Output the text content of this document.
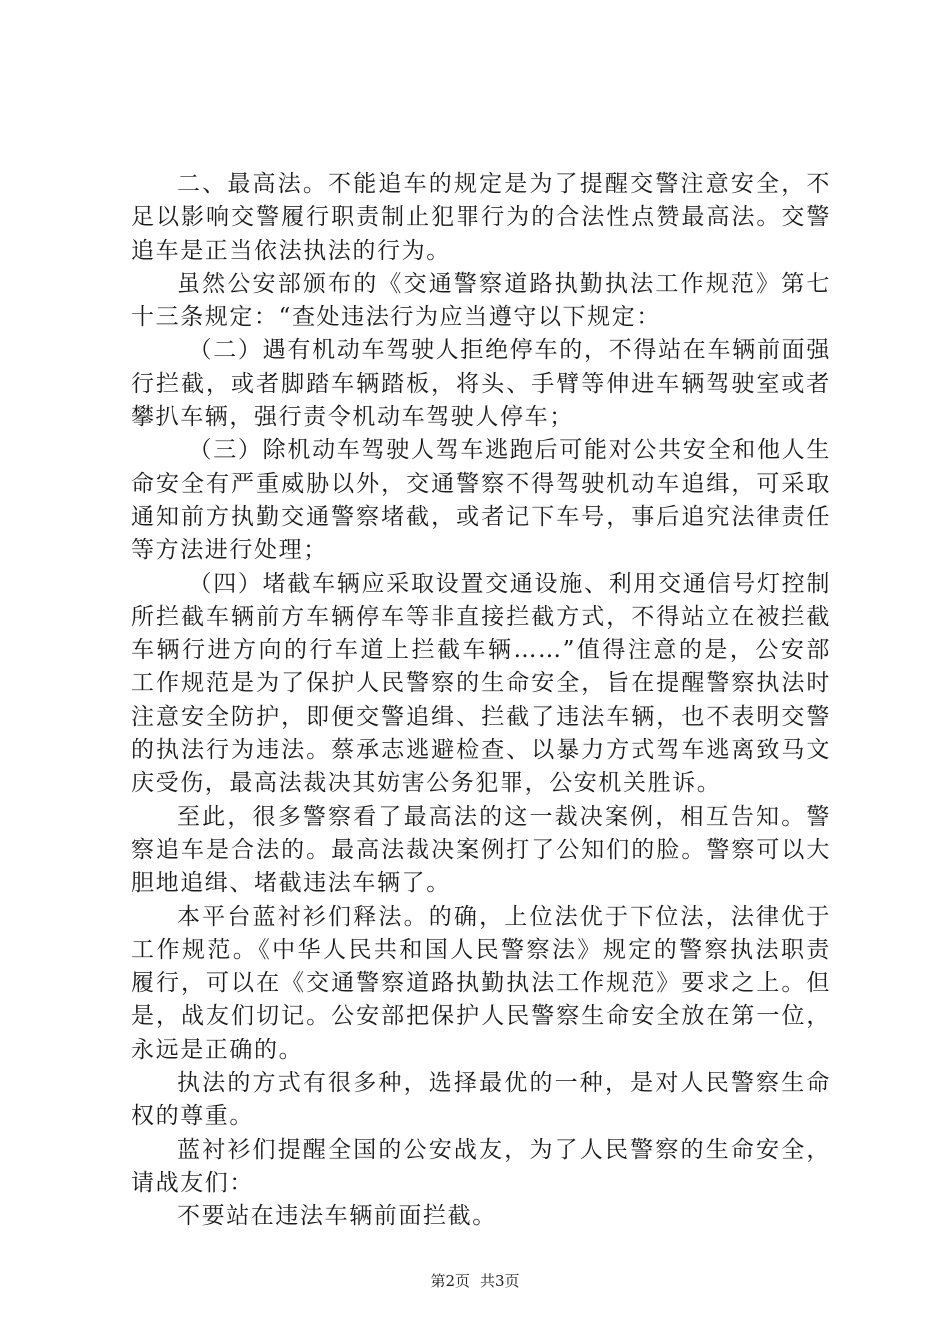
二、最高法。不能追车的规定是为了提醒交警注意安全，不足以影响交警履行职责制止犯罪行为的合法性点赞最高法。交警追车是正当依法执法的行为。

虽然公安部颁布的《交通警察道路执勤执法工作规范》第七十三条规定：“查处违法行为应当遵守以下规定：

（二）遇有机动车驾驶人拒绝停车的，不得站在车辆前面强行拦截，或者脚踏车辆踏板，将头、手臂等伸进车辆驾驶室或者攀扒车辆，强行责令机动车驾驶人停车；

（三）除机动车驾驶人驾车逃跑后可能对公共安全和他人生命安全有严重威胁以外，交通警察不得驾驶机动车追缉，可采取通知前方执勤交通警察堵截，或者记下车号，事后追究法律责任等方法进行处理；

（四）堵截车辆应采取设置交通设施、利用交通信号灯控制所拦截车辆前方车辆停车等非直接拦截方式，不得站立在被拦截车辆行进方向的行车道上拦截车辆……”值得注意的是，公安部工作规范是为了保护人民警察的生命安全，旨在提醒警察执法时注意安全防护，即便交警追缉、拦截了违法车辆，也不表明交警的执法行为违法。蔡承志逃避检查、以暴力方式驾车逃离致马文庆受伤，最高法裁决其妨害公务犯罪，公安机关胜诉。

至此，很多警察看了最高法的这一裁决案例，相互告知。警察追车是合法的。最高法裁决案例打了公知们的脸。警察可以大胆地追缉、堵截违法车辆了。

本平台蓝衬衫们释法。的确，上位法优于下位法，法律优于工作规范。《中华人民共和国人民警察法》规定的警察执法职责履行，可以在《交通警察道路执勤执法工作规范》要求之上。但是，战友们切记。公安部把保护人民警察生命安全放在第一位，永远是正确的。

执法的方式有很多种，选择最优的一种，是对人民警察生命权的尊重。

蓝衬衫们提醒全国的公安战友，为了人民警察的生命安全，请战友们：

不要站在违法车辆前面拦截。

第2页 共3页
